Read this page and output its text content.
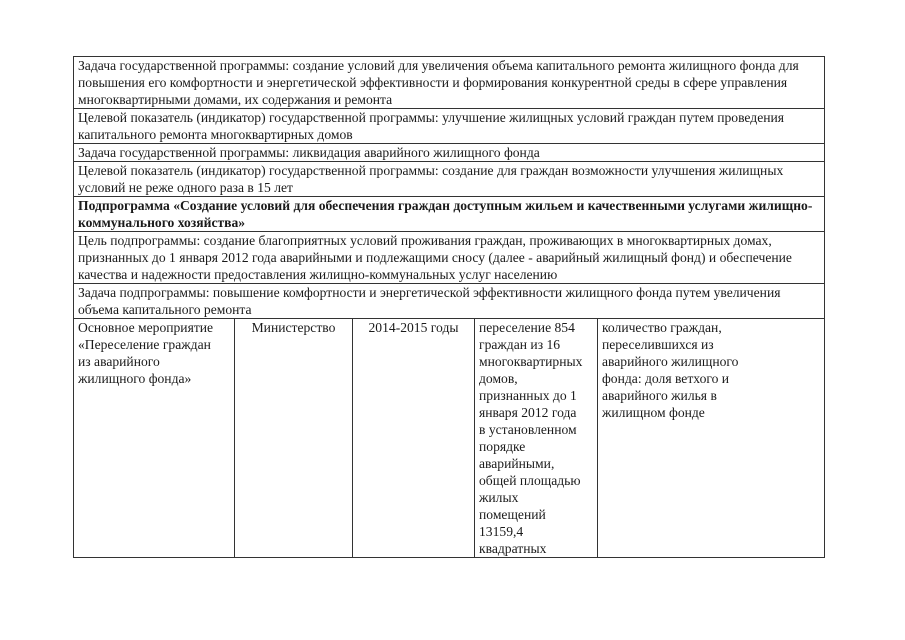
Задача государственной программы: создание условий для увеличения объема капитального ремонта жилищного фонда для повышения его комфортности и энергетической эффективности и формирования конкурентной среды в сфере управления многоквартирными домами, их содержания и ремонта
Целевой показатель (индикатор) государственной программы: улучшение жилищных условий граждан путем проведения капитального ремонта многоквартирных домов
Задача государственной программы: ликвидация аварийного жилищного фонда
Целевой показатель (индикатор) государственной программы: создание для граждан возможности улучшения жилищных условий не реже одного раза в 15 лет
Подпрограмма «Создание условий для обеспечения граждан доступным жильем и качественными услугами жилищно-коммунального хозяйства»
Цель подпрограммы: создание благоприятных условий проживания граждан, проживающих в многоквартирных домах, признанных до 1 января 2012 года аварийными и подлежащими сносу (далее - аварийный жилищный фонд) и обеспечение качества и надежности предоставления жилищно-коммунальных услуг населению
Задача подпрограммы: повышение комфортности и энергетической эффективности жилищного фонда путем увеличения объема капитального ремонта
Основное мероприятие
«Переселение граждан
из аварийного
жилищного фонда»
Министерство	2014-2015 годы	переселение 854
граждан из 16
многоквартирных
домов,
признанных до 1
января 2012 года
в установленном
порядке
аварийными,
общей площадью
жилых
помещений
13159,4
квадратных
количество граждан,
переселившихся из
аварийного жилищного
фонда: доля ветхого и
аварийного жилья в
жилищном фонде
